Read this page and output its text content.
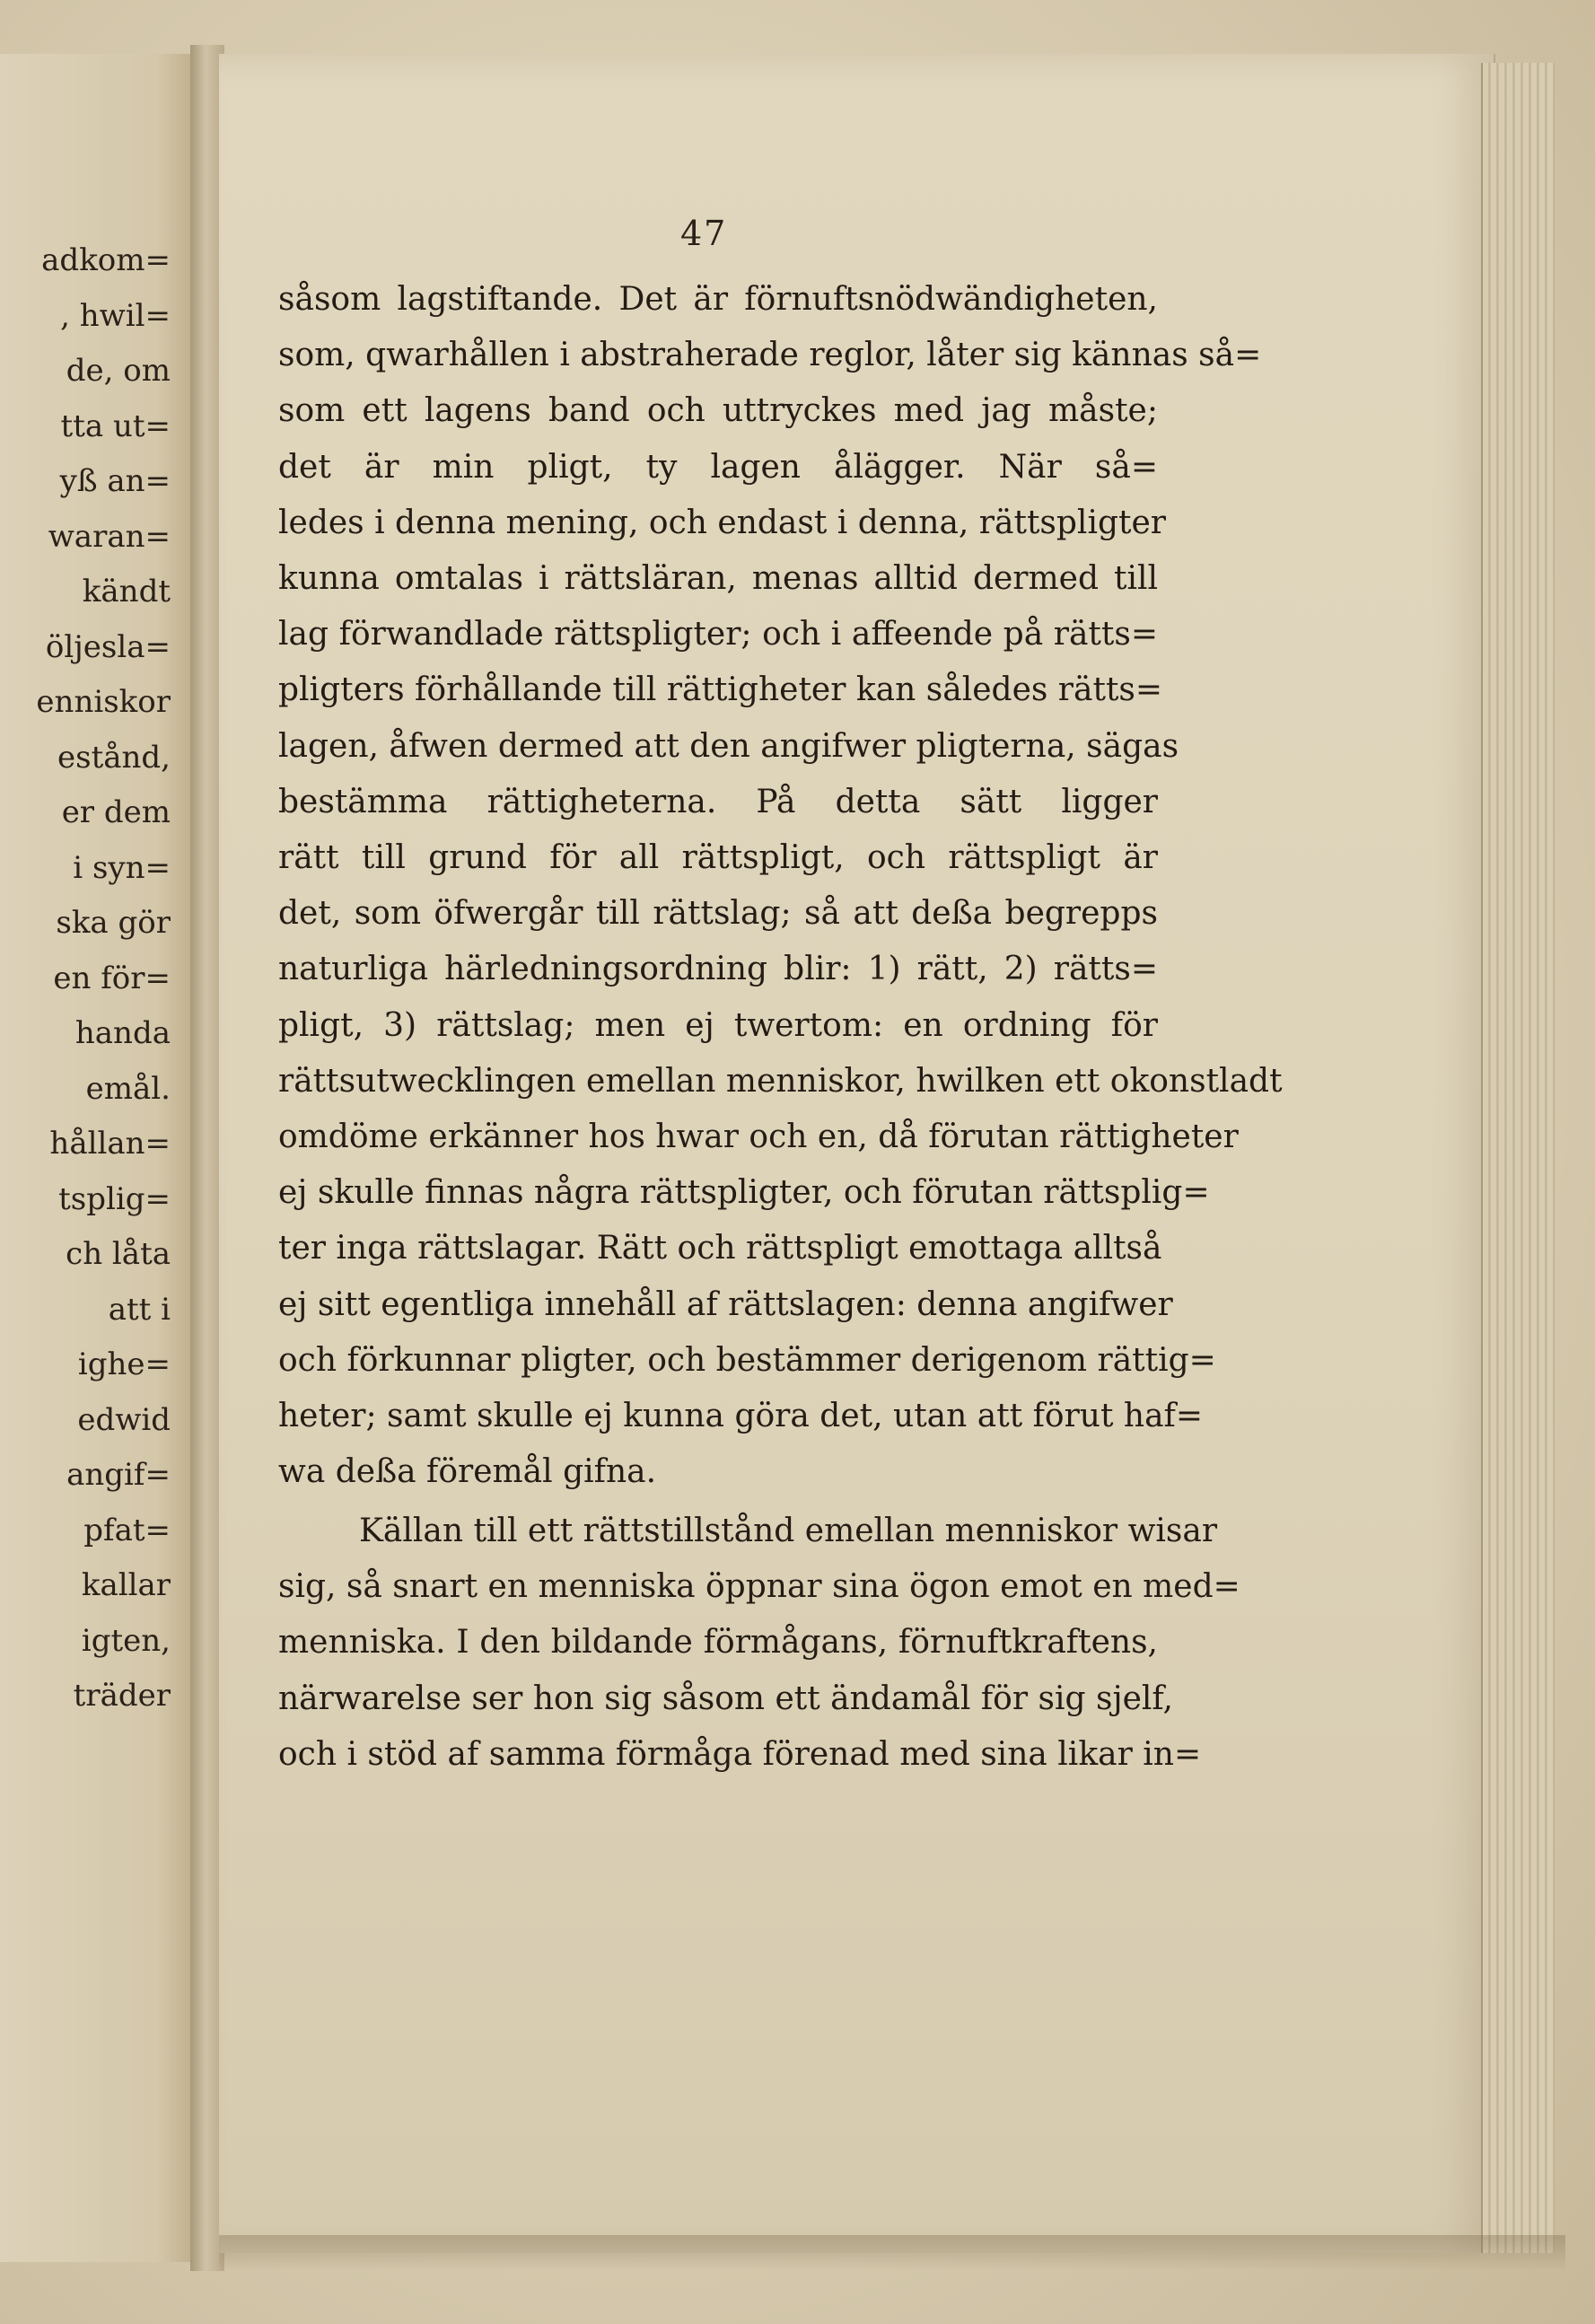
adkom=
, hwil=
de, om
tta ut=
yß an=
waran=
kändt
öljesla=
enniskor
estånd,
er dem
i syn=
ska gör
en för=
handa
emål.
hållan=
tsplig=
ch låta
att i
ighe=
edwid
angif=
pfat=
kallar
igten,
träder
47
såsom lagstiftande. Det är förnuftsnödwändigheten,
som, qwarhållen i abstraherade reglor, låter sig kännas så=
som ett lagens band och uttryckes med jag måste;
det är min pligt, ty lagen ålägger. När så=
ledes i denna mening, och endast i denna, rättspligter
kunna omtalas i rättsläran, menas alltid dermed till
lag förwandlade rättspligter; och i affeende på rätts=
pligters förhållande till rättigheter kan således rätts=
lagen, åfwen dermed att den angifwer pligterna, sägas
bestämma rättigheterna. På detta sätt ligger
rätt till grund för all rättspligt, och rättspligt är
det, som öfwergår till rättslag; så att deßa begrepps
naturliga härledningsordning blir: 1) rätt, 2) rätts=
pligt, 3) rättslag; men ej twertom: en ordning för
rättsutwecklingen emellan menniskor, hwilken ett okonstladt
omdöme erkänner hos hwar och en, då förutan rättigheter
ej skulle finnas några rättspligter, och förutan rättsplig=
ter inga rättslagar. Rätt och rättspligt emottaga alltså
ej sitt egentliga innehåll af rättslagen: denna angifwer
och förkunnar pligter, och bestämmer derigenom rättig=
heter; samt skulle ej kunna göra det, utan att förut haf=
wa deßa föremål gifna.
Källan till ett rättstillstånd emellan menniskor wisar
sig, så snart en menniska öppnar sina ögon emot en med=
menniska. I den bildande förmågans, förnuftkraftens,
närwarelse ser hon sig såsom ett ändamål för sig sjelf,
och i stöd af samma förmåga förenad med sina likar in=
